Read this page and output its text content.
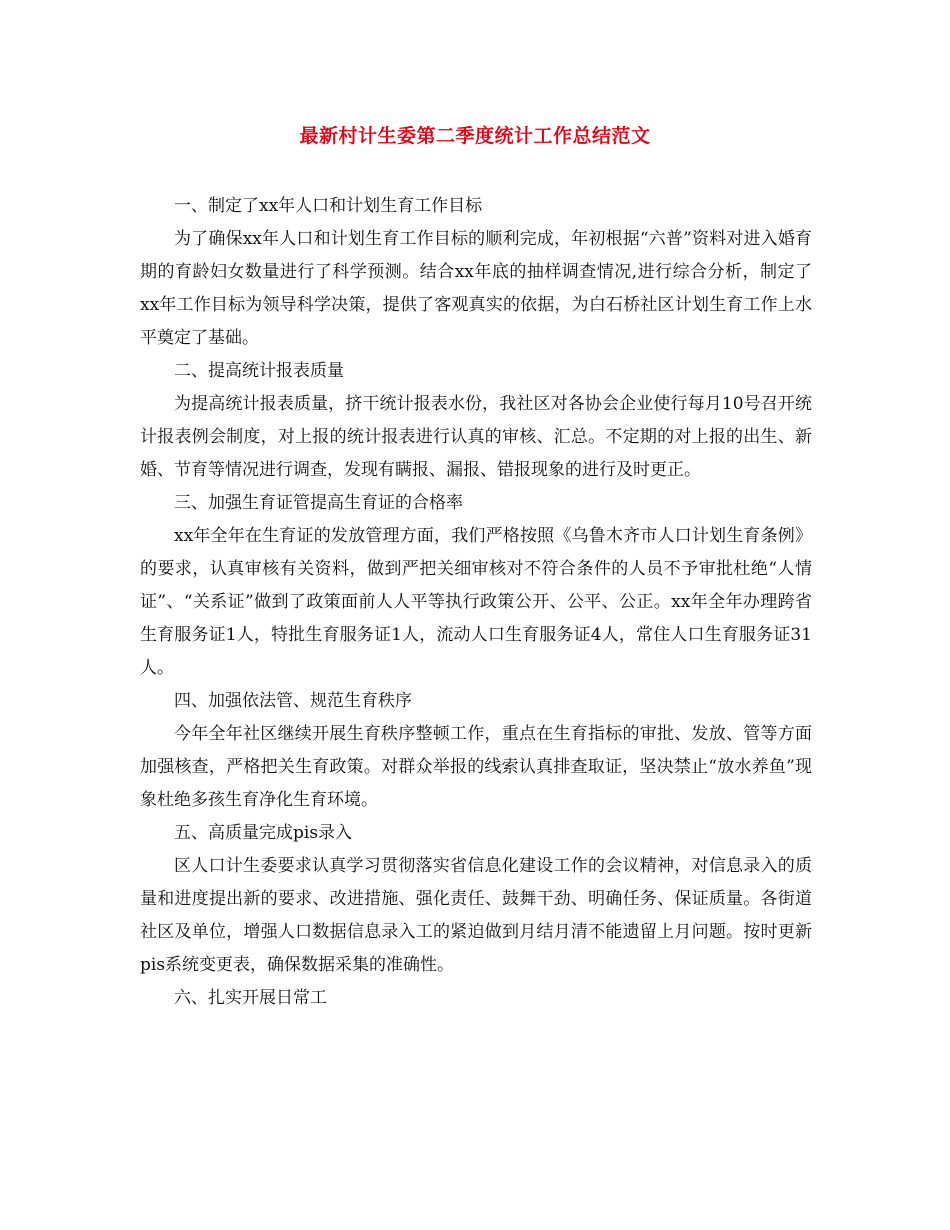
最新村计生委第二季度统计工作总结范文

一、制定了xx年人口和计划生育工作目标

为了确保xx年人口和计划生育工作目标的顺利完成，年初根据“六普”资料对进入婚育期的育龄妇女数量进行了科学预测。结合xx年底的抽样调查情况,进行综合分析，制定了xx年工作目标为领导科学决策，提供了客观真实的依据，为白石桥社区计划生育工作上水平奠定了基础。

二、提高统计报表质量

为提高统计报表质量，挤干统计报表水份，我社区对各协会企业使行每月10号召开统计报表例会制度，对上报的统计报表进行认真的审核、汇总。不定期的对上报的出生、新婚、节育等情况进行调查，发现有瞒报、漏报、错报现象的进行及时更正。

三、加强生育证管提高生育证的合格率

xx年全年在生育证的发放管理方面，我们严格按照《乌鲁木齐市人口计划生育条例》的要求，认真审核有关资料，做到严把关细审核对不符合条件的人员不予审批杜绝“人情证”、“关系证”做到了政策面前人人平等执行政策公开、公平、公正。xx年全年办理跨省生育服务证1人，特批生育服务证1人，流动人口生育服务证4人，常住人口生育服务证31人。

四、加强依法管、规范生育秩序

今年全年社区继续开展生育秩序整顿工作，重点在生育指标的审批、发放、管等方面加强核查，严格把关生育政策。对群众举报的线索认真排查取证，坚决禁止“放水养鱼”现象杜绝多孩生育净化生育环境。

五、高质量完成pis录入

区人口计生委要求认真学习贯彻落实省信息化建设工作的会议精神，对信息录入的质量和进度提出新的要求、改进措施、强化责任、鼓舞干劲、明确任务、保证质量。各街道社区及单位，增强人口数据信息录入工的紧迫做到月结月清不能遗留上月问题。按时更新pis系统变更表，确保数据采集的准确性。

六、扎实开展日常工
